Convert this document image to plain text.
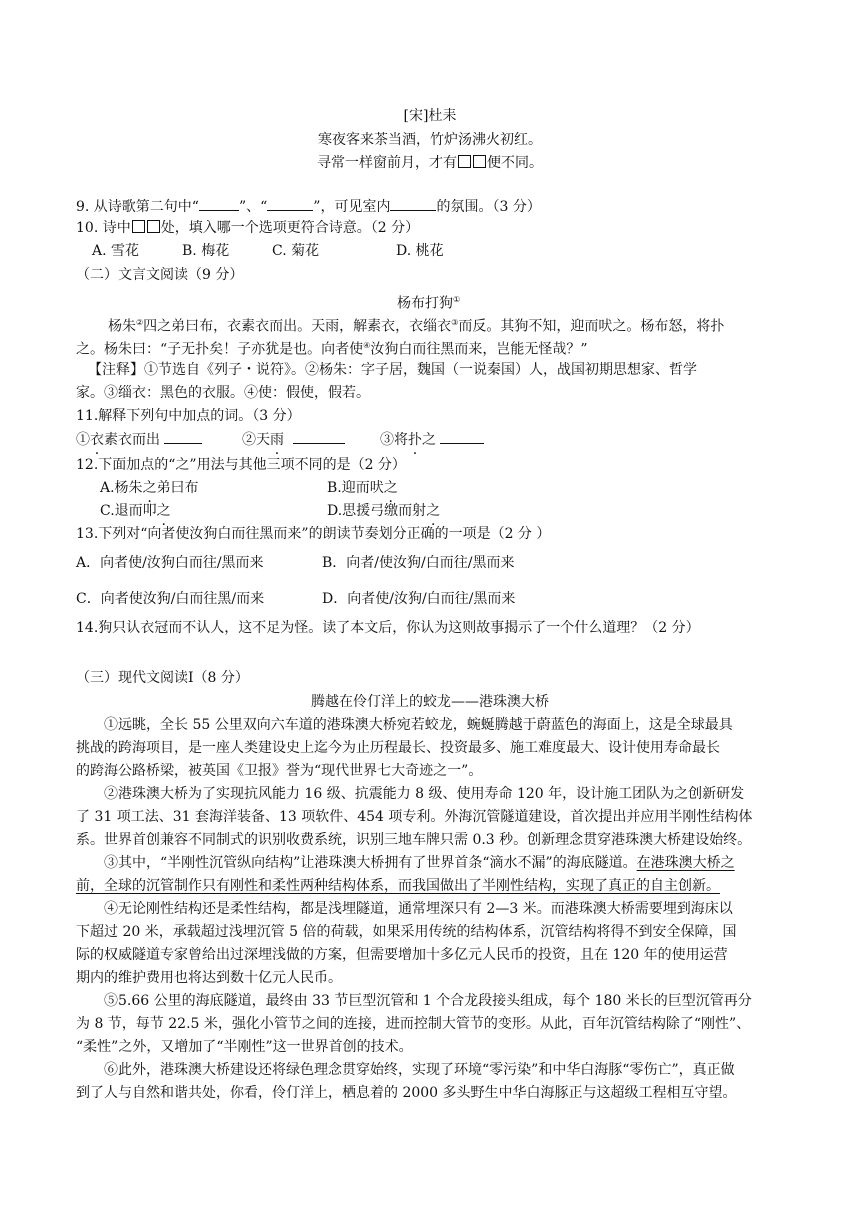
[宋]杜耒
寒夜客来茶当酒，竹炉汤沸火初红。
寻常一样窗前月，才有 便不同。
9. 从诗歌第二句中“	”、“	”，可见室内	的氛围。（3 分）
10. 诗中 处，填入哪一个选项更符合诗意。（2 分）
A. 雪花	B. 梅花	C. 菊花	D. 桃花
（二）文言文阅读（9 分）
杨布打狗①
杨朱②四之弟曰布，衣素衣而出。天雨，解素衣，衣缁衣③而反。其狗不知，迎而吠之。杨布怒，将扑
之。杨朱曰：“子无扑矣！子亦犹是也。向者使④汝狗白而往黑而来，岂能无怪哉？”
【注释】①节选自《列子・说符》。②杨朱：字子居，魏国（一说秦国）人，战国初期思想家、哲学
家。③缁衣：黑色的衣服。④使：假使，假若。
11.解释下列句中加点的词。（3 分）
①衣素衣而出	②天雨	③将扑之
12.下面加点的“之”用法与其他三项不同的是（2 分）
A.杨朱之弟曰布	B.迎而吠之
C.退而叩之	D.思援弓缴而射之
13.下列对“向者使汝狗白而往黑而来”的朗读节奏划分正确的一项是（2 分 ）
A．向者使/汝狗白而往/黑而来	B．向者/使汝狗/白而往/黑而来
C．向者使汝狗/白而往黑/而来	D．向者使/汝狗/白而往/黑而来
14.狗只认衣冠而不认人，这不足为怪。读了本文后，你认为这则故事揭示了一个什么道理？（2 分）
（三）现代文阅读Ⅰ（8 分）
腾越在伶仃洋上的蛟龙——港珠澳大桥
①远眺，全长 55 公里双向六车道的港珠澳大桥宛若蛟龙，蜿蜒腾越于蔚蓝色的海面上，这是全球最具
挑战的跨海项目，是一座人类建设史上迄今为止历程最长、投资最多、施工难度最大、设计使用寿命最长
的跨海公路桥梁，被英国《卫报》誉为“现代世界七大奇迹之一”。
②港珠澳大桥为了实现抗风能力 16 级、抗震能力 8 级、使用寿命 120 年，设计施工团队为之创新研发
了 31 项工法、31 套海洋装备、13 项软件、454 项专利。外海沉管隧道建设，首次提出并应用半刚性结构体
系。世界首创兼容不同制式的识别收费系统，识别三地车牌只需 0.3 秒。创新理念贯穿港珠澳大桥建设始终。
③其中，“半刚性沉管纵向结构”让港珠澳大桥拥有了世界首条“滴水不漏”的海底隧道。在港珠澳大桥之
前，全球的沉管制作只有刚性和柔性两种结构体系，而我国做出了半刚性结构，实现了真正的自主创新。
④无论刚性结构还是柔性结构，都是浅埋隧道，通常埋深只有 2—3 米。而港珠澳大桥需要埋到海床以
下超过 20 米，承载超过浅埋沉管 5 倍的荷载，如果采用传统的结构体系，沉管结构将得不到安全保障，国
际的权威隧道专家曾给出过深埋浅做的方案，但需要增加十多亿元人民币的投资，且在 120 年的使用运营
期内的维护费用也将达到数十亿元人民币。
⑤5.66 公里的海底隧道，最终由 33 节巨型沉管和 1 个合龙段接头组成，每个 180 米长的巨型沉管再分
为 8 节，每节 22.5 米，强化小管节之间的连接，进而控制大管节的变形。从此，百年沉管结构除了“刚性”、
“柔性”之外，又增加了“半刚性”这一世界首创的技术。
⑥此外，港珠澳大桥建设还将绿色理念贯穿始终，实现了环境“零污染”和中华白海豚“零伤亡”，真正做
到了人与自然和谐共处，你看，伶仃洋上，栖息着的 2000 多头野生中华白海豚正与这超级工程相互守望。
